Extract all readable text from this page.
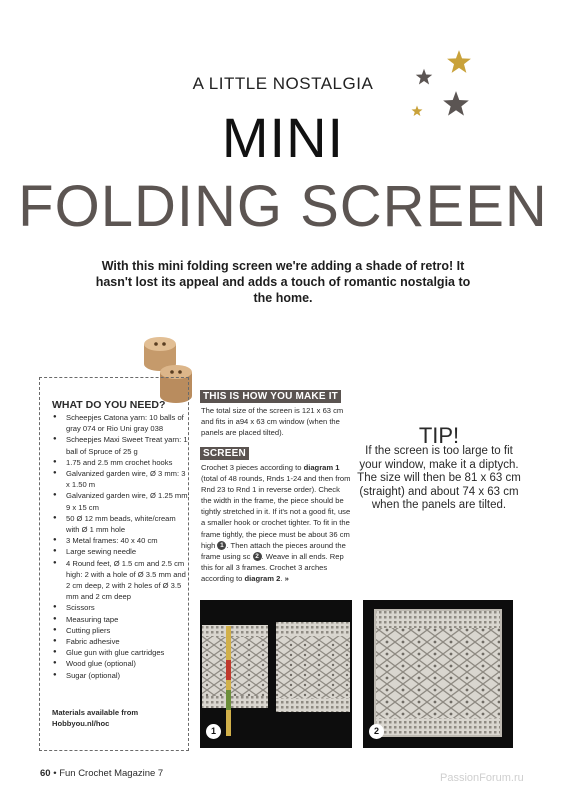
A LITTLE NOSTALGIA
MINI
FOLDING SCREEN
With this mini folding screen we're adding a shade of retro! It hasn't lost its appeal and adds a touch of romantic nostalgia to the home.
WHAT DO YOU NEED?
● Scheepjes Catona yarn: 10 balls of gray 074 or Rio Uni gray 038
● Scheepjes Maxi Sweet Treat yarn: 1 ball of Spruce of 25 g
● 1.75 and 2.5 mm crochet hooks
● Galvanized garden wire, Ø 3 mm: 3 x 1.50 m
● Galvanized garden wire, Ø 1.25 mm: 9 x 15 cm
● 50 Ø 12 mm beads, white/cream with Ø 1 mm hole
● 3 Metal frames: 40 x 40 cm
● Large sewing needle
● 4 Round feet, Ø 1.5 cm and 2.5 cm high: 2 with a hole of Ø 3.5 mm and 2 cm deep, 2 with 2 holes of Ø 3.5 mm and 2 cm deep
● Scissors
● Measuring tape
● Cutting pliers
● Fabric adhesive
● Glue gun with glue cartridges
● Wood glue (optional)
● Sugar (optional)
Materials available from Hobbyou.nl/hoc
THIS IS HOW YOU MAKE IT
The total size of the screen is 121 x 63 cm and fits in a94 x 63 cm window (when the panels are placed tilted).
SCREEN
Crochet 3 pieces according to diagram 1 (total of 48 rounds, Rnds 1-24 and then from Rnd 23 to Rnd 1 in reverse order). Check the width in the frame, the piece should be tightly stretched in it. If it's not a good fit, use a smaller hook or crochet tighter. To fit in the frame tightly, the piece must be about 36 cm high 1 . Then attach the pieces around the frame using sc 2 . Weave in all ends. Rep this for all 3 frames. Crochet 3 arches according to diagram 2. »
TIP!
If the screen is too large to fit your window, make it a diptych. The size will then be 81 x 63 cm (straight) and about 74 x 63 cm when the panels are tilted.
1	2
60 • Fun Crochet Magazine 7	PassionForum.ru
